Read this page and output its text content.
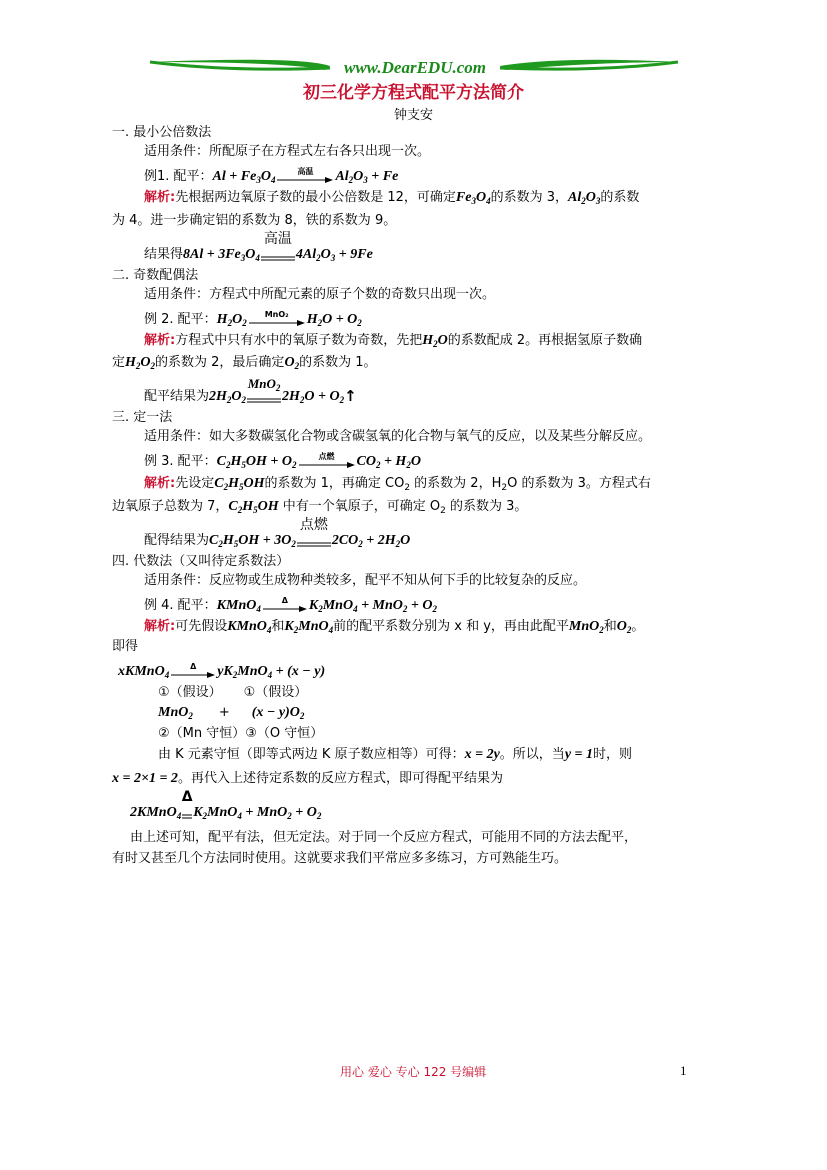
www.DearEDU.com
初三化学方程式配平方法简介
钟支安
一. 最小公倍数法
适用条件：所配原子在方程式左右各只出现一次。
例1. 配平： $Al + Fe_3O_4$
高温	$Al_2O_3 + Fe$
解析:先根据两边氧原子数的最小公倍数是 12，可确定$Fe_3O_4$的系数为 3，$Al_2O_3$的系数
为 4。进一步确定铝的系数为 8，铁的系数为 9。
结果得 $8Al + 3Fe_3O_4$
高温
$4Al_2O_3 + 9Fe$
二. 奇数配偶法
适用条件：方程式中所配元素的原子个数的奇数只出现一次。
例 2. 配平： $H_2O_2$
MnO₂	$H_2O + O_2$
解析:方程式中只有水中的氧原子数为奇数，先把$H_2O$的系数配成 2。再根据氢原子数确
定$H_2O_2$的系数为 2，最后确定$O_2$的系数为 1。
配平结果为 $2H_2O_2$
MnO$_2$
$2H_2O + O_2$ ↑
三. 定一法
适用条件：如大多数碳氢化合物或含碳氢氧的化合物与氧气的反应，以及某些分解反应。
例 3. 配平： $C_2H_5OH + O_2$
点燃	$CO_2 + H_2O$
解析:先设定$C_2H_5OH$的系数为 1，再确定 $CO_2$ 的系数为 2，$H_2O$ 的系数为 3。方程式右
边氧原子总数为 7，$C_2H_5OH$ 中有一个氧原子，可确定 $O_2$ 的系数为 3。
配得结果为 $C_2H_5OH + 3O_2$
点燃
$2CO_2 + 2H_2O$
四. 代数法（又叫待定系数法）
适用条件：反应物或生成物种类较多，配平不知从何下手的比较复杂的反应。
例 4. 配平： KMnO$_4$
Δ	$K_2MnO_4 + MnO_2 + O_2$
解析:可先假设KMnO$_4$和$K_2MnO_4$前的配平系数分别为 x 和 y，再由此配平MnO$_2$和$O_2$。
即得
xKMnO$_4$
Δ	$yK_2MnO_4 + (x - y)$
①（假设） ①（假设）
$MnO_2 + (x - y)O_2$
②（Mn 守恒）③（O 守恒）
由 K 元素守恒（即等式两边 K 原子数应相等）可得：x = 2y。所以，当y = 1时，则
x = 2×1 = 2。再代入上述待定系数的反应方程式，即可得配平结果为
2KMnO$_4$
Δ
$K_2MnO_4 + MnO_2 + O_2$
由上述可知，配平有法，但无定法。对于同一个反应方程式，可能用不同的方法去配平，
有时又甚至几个方法同时使用。这就要求我们平常应多多练习，方可熟能生巧。
用心 爱心 专心 122 号编辑	1
